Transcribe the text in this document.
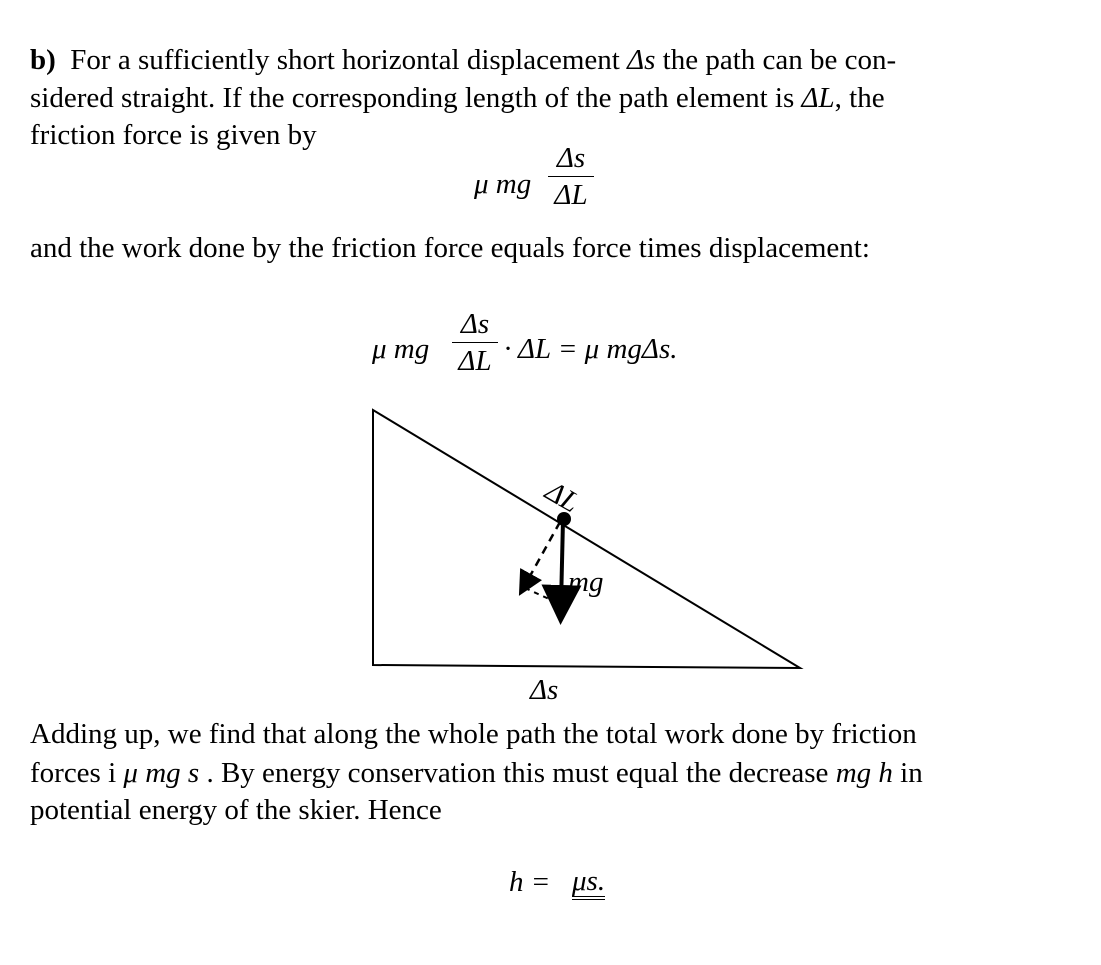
b) For a sufficiently short horizontal displacement Δs the path can be con-
sidered straight. If the corresponding length of the path element is ΔL, the
friction force is given by
μ mg
Δs
ΔL
and the work done by the friction force equals force times displacement:
μ mg
Δs
ΔL · ΔL = μ mgΔs.
ΔL
mg
Δs
Adding up, we find that along the whole path the total work done by friction
forces i μ mg s . By energy conservation this must equal the decrease mg h in
potential energy of the skier. Hence
h = μs.
